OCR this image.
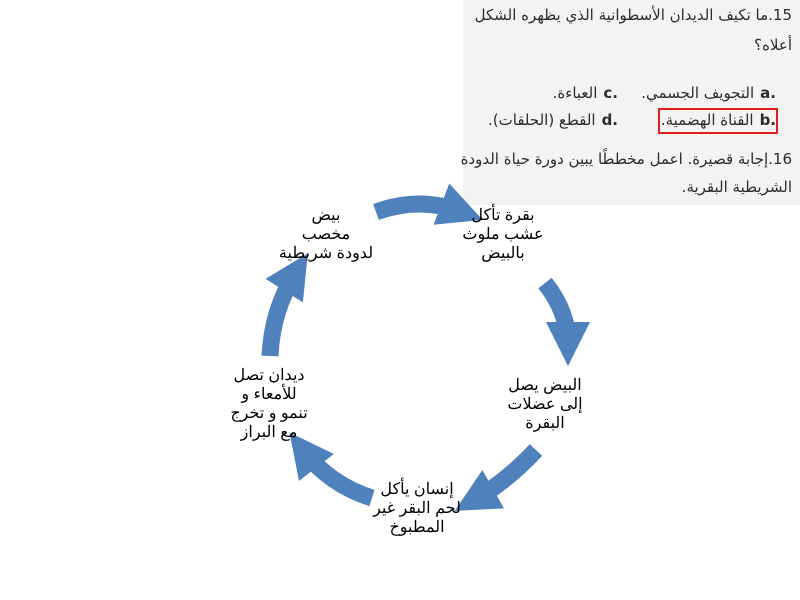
15.ما تكيف الديدان الأسطوانية الذي يظهره الشكل
أعلاه؟
a.التجويف الجسمي.
c.العباءة.
b.القناة الهضمية.
d.القطع (الحلقات).
16.إجابة قصيرة. اعمل مخططًا يبين دورة حياة الدودة
الشريطية البقرية.
بيض
مخصب
لدودة شريطية
بقرة تأكل
عشب ملوث
بالبيض
البيض يصل
إلى عضلات
البقرة
إنسان يأكل
لحم البقر غير
المطبوخ
ديدان تصل
للأمعاء و
تنمو و تخرج
مع البراز
